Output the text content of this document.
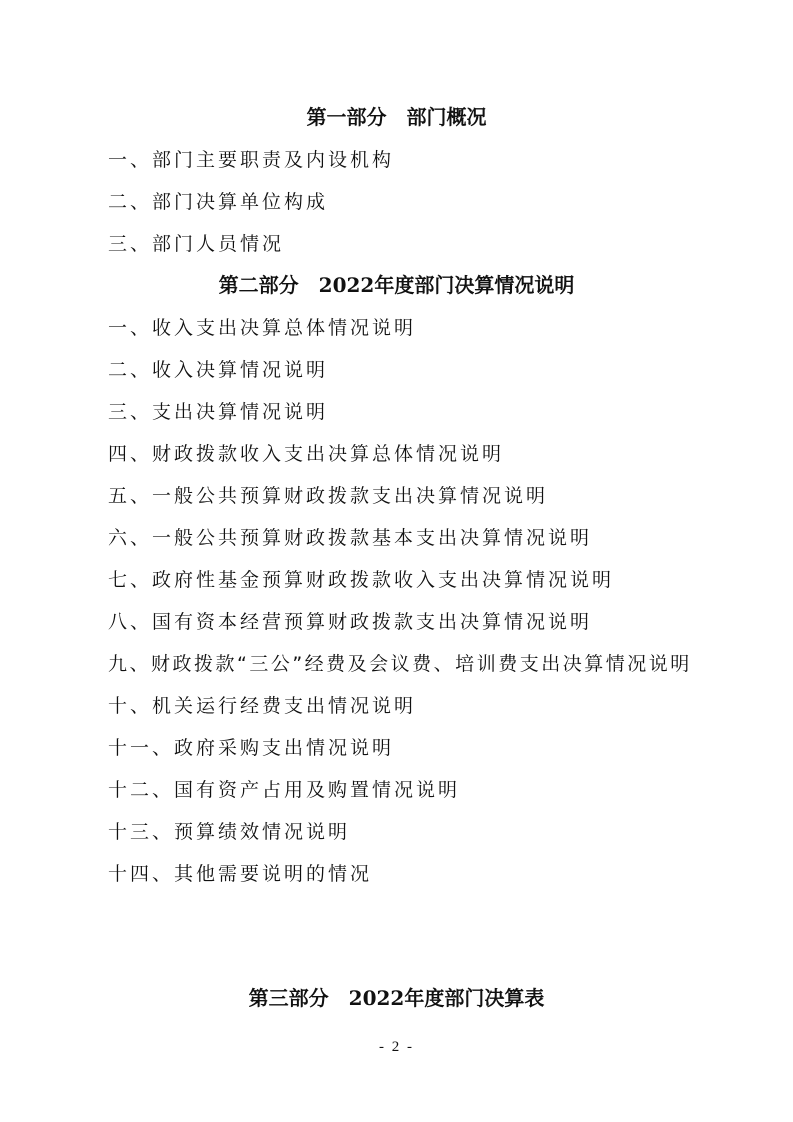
第一部分　部门概况
一、部门主要职责及内设机构
二、部门决算单位构成
三、部门人员情况
第二部分　2022年度部门决算情况说明
一、收入支出决算总体情况说明
二、收入决算情况说明
三、支出决算情况说明
四、财政拨款收入支出决算总体情况说明
五、一般公共预算财政拨款支出决算情况说明
六、一般公共预算财政拨款基本支出决算情况说明
七、政府性基金预算财政拨款收入支出决算情况说明
八、国有资本经营预算财政拨款支出决算情况说明
九、财政拨款“三公”经费及会议费、培训费支出决算情况说明
十、机关运行经费支出情况说明
十一、政府采购支出情况说明
十二、国有资产占用及购置情况说明
十三、预算绩效情况说明
十四、其他需要说明的情况
第三部分　2022年度部门决算表
- 2 -
